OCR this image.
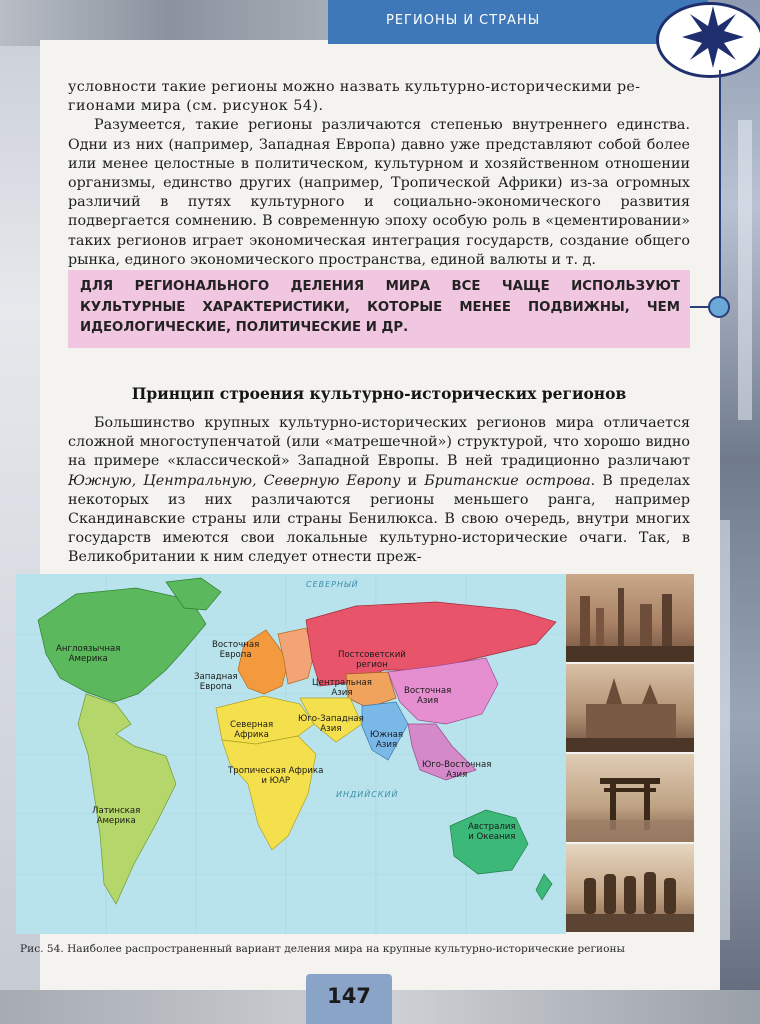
РЕГИОНЫ И СТРАНЫ

условности такие регионы можно назвать культурно-историческими ре-

гионами мира (см. рисунок 54).

Разумеется, такие регионы различаются степенью внутреннего единства. Одни из них (например, Западная Европа) давно уже представляют собой более или менее целостные в политическом, культурном и хозяйственном отношении организмы, единство других (например, Тропической Африки) из-за огромных различий в путях культурного и социально-экономического развития подвергается сомнению. В современную эпоху особую роль в «цементировании» таких регионов играет экономическая интеграция государств, создание общего рынка, единого экономического пространства, единой валюты и т. д.

ДЛЯ РЕГИОНАЛЬНОГО ДЕЛЕНИЯ МИРА ВСЕ ЧАЩЕ ИСПОЛЬЗУЮТ КУЛЬТУРНЫЕ ХАРАКТЕРИСТИКИ, КОТОРЫЕ МЕНЕЕ ПОДВИЖНЫ, ЧЕМ ИДЕОЛОГИЧЕСКИЕ, ПОЛИТИЧЕСКИЕ И ДР.
Принцип строения культурно-исторических регионов

Большинство крупных культурно-исторических регионов мира отличается сложной многоступенчатой (или «матрешечной») структурой, что хорошо видно на примере «классической» Западной Европы. В ней традиционно различают Южную, Центральную, Северную Европу и Британские острова. В пределах некоторых из них различаются регионы меньшего ранга, например Скандинавские страны или страны Бенилюкса. В свою очередь, внутри многих государств имеются свои локальные культурно-исторические очаги. Так, в Великобритании к ним следует отнести преж-

СЕВЕРНЫЙ
ИНДИЙСКИЙ
Англоязычная
Америка
Латинская
Америка
Восточная
Европа
Западная
Европа
Постсоветский
регион
Центральная
Азия	Восточная
Азия
Северная
Африка
Юго-Западная
Азия
Южная
Азия
Юго-Восточная
Азия
Тропическая Африка
и ЮАР
Австралия
и Океания
Рис. 54. Наиболее распространенный вариант деления мира на крупные культурно-исторические регионы
147
